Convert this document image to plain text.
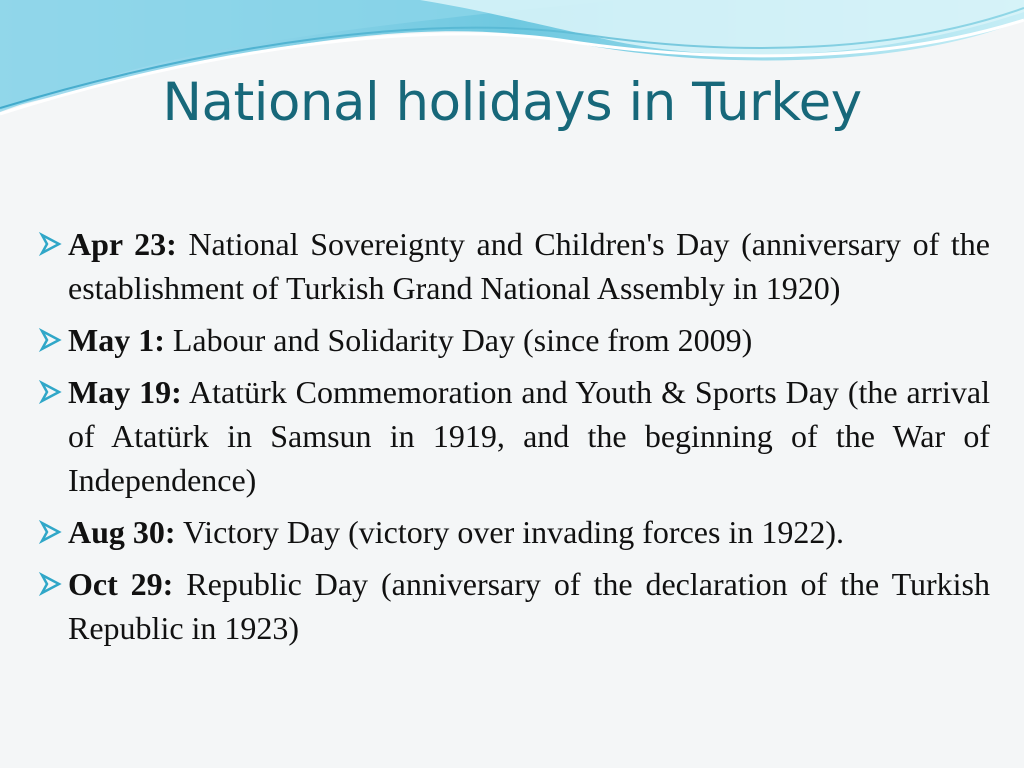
National holidays in Turkey
Apr 23: National Sovereignty and Children's Day (anniversary of the establishment of Turkish Grand National Assembly in 1920)
May 1: Labour and Solidarity Day (since from 2009)
May 19: Atatürk Commemoration and Youth & Sports Day (the arrival of Atatürk in Samsun in 1919, and the beginning of the War of Independence)
Aug 30: Victory Day (victory over invading forces in 1922).
Oct 29: Republic Day (anniversary of the declaration of the Turkish Republic in 1923)
